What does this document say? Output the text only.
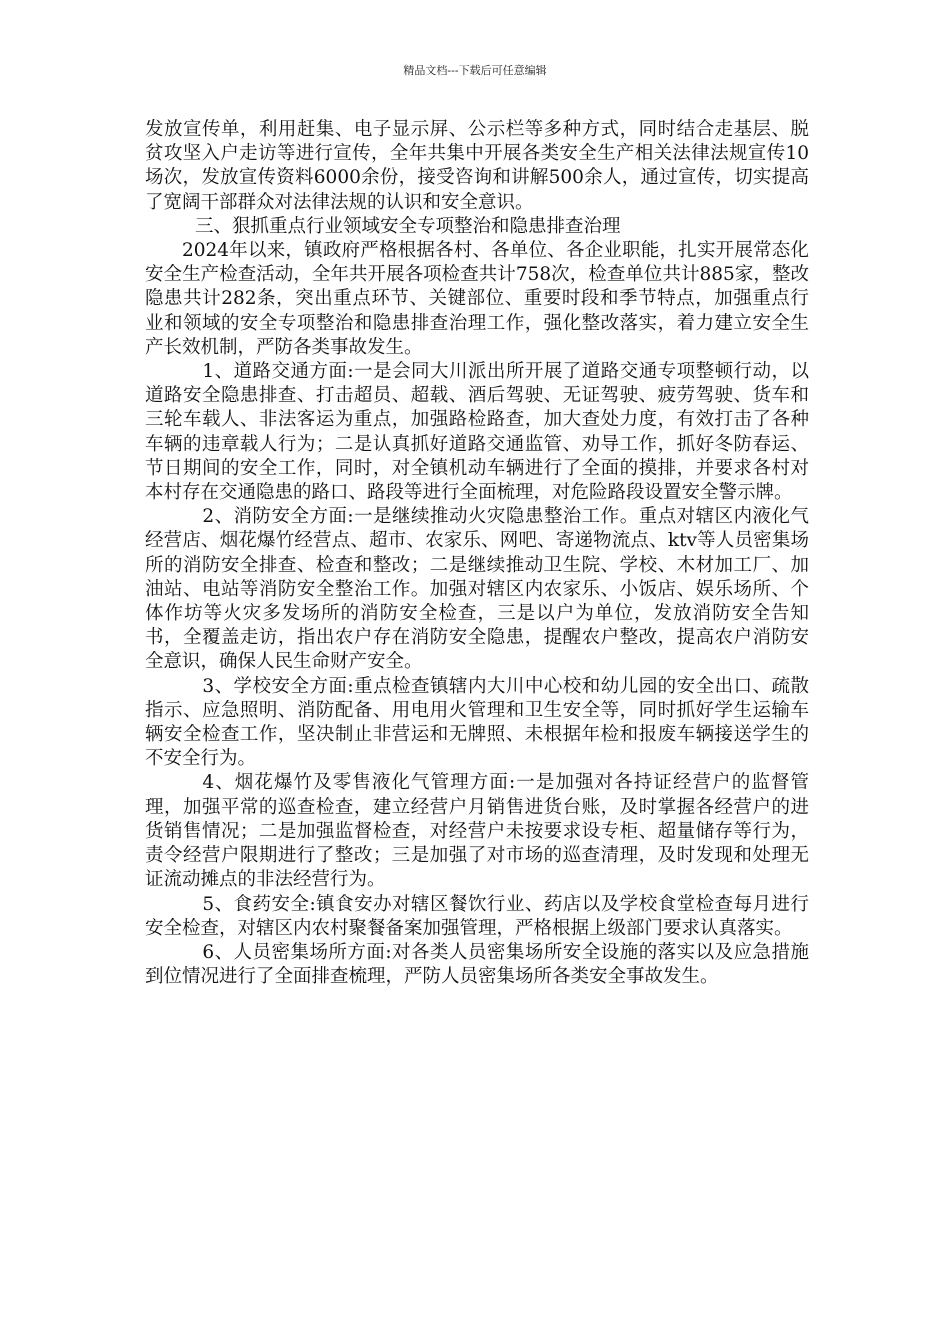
精品文档---下载后可任意编辑

发放宣传单，利用赶集、电子显示屏、公示栏等多种方式，同时结合走基层、脱贫攻坚入户走访等进行宣传，全年共集中开展各类安全生产相关法律法规宣传10场次，发放宣传资料6000余份，接受咨询和讲解500余人，通过宣传，切实提高了宽阔干部群众对法律法规的认识和安全意识。

三、狠抓重点行业领域安全专项整治和隐患排查治理

2024年以来，镇政府严格根据各村、各单位、各企业职能，扎实开展常态化安全生产检查活动，全年共开展各项检查共计758次，检查单位共计885家，整改隐患共计282条，突出重点环节、关键部位、重要时段和季节特点，加强重点行业和领域的安全专项整治和隐患排查治理工作，强化整改落实，着力建立安全生产长效机制，严防各类事故发生。

1、道路交通方面:一是会同大川派出所开展了道路交通专项整顿行动，以道路安全隐患排查、打击超员、超载、酒后驾驶、无证驾驶、疲劳驾驶、货车和三轮车载人、非法客运为重点，加强路检路查，加大查处力度，有效打击了各种车辆的违章载人行为；二是认真抓好道路交通监管、劝导工作，抓好冬防春运、节日期间的安全工作，同时，对全镇机动车辆进行了全面的摸排，并要求各村对本村存在交通隐患的路口、路段等进行全面梳理，对危险路段设置安全警示牌。

2、消防安全方面:一是继续推动火灾隐患整治工作。重点对辖区内液化气经营店、烟花爆竹经营点、超市、农家乐、网吧、寄递物流点、ktv等人员密集场所的消防安全排查、检查和整改；二是继续推动卫生院、学校、木材加工厂、加油站、电站等消防安全整治工作。加强对辖区内农家乐、小饭店、娱乐场所、个体作坊等火灾多发场所的消防安全检查，三是以户为单位，发放消防安全告知书，全覆盖走访，指出农户存在消防安全隐患，提醒农户整改，提高农户消防安全意识，确保人民生命财产安全。

3、学校安全方面:重点检查镇辖内大川中心校和幼儿园的安全出口、疏散指示、应急照明、消防配备、用电用火管理和卫生安全等，同时抓好学生运输车辆安全检查工作，坚决制止非营运和无牌照、未根据年检和报废车辆接送学生的不安全行为。

4、烟花爆竹及零售液化气管理方面:一是加强对各持证经营户的监督管理，加强平常的巡查检查，建立经营户月销售进货台账，及时掌握各经营户的进货销售情况；二是加强监督检查，对经营户未按要求设专柜、超量储存等行为，责令经营户限期进行了整改；三是加强了对市场的巡查清理，及时发现和处理无证流动摊点的非法经营行为。

5、食药安全:镇食安办对辖区餐饮行业、药店以及学校食堂检查每月进行安全检查，对辖区内农村聚餐备案加强管理，严格根据上级部门要求认真落实。

6、人员密集场所方面:对各类人员密集场所安全设施的落实以及应急措施到位情况进行了全面排查梳理，严防人员密集场所各类安全事故发生。
